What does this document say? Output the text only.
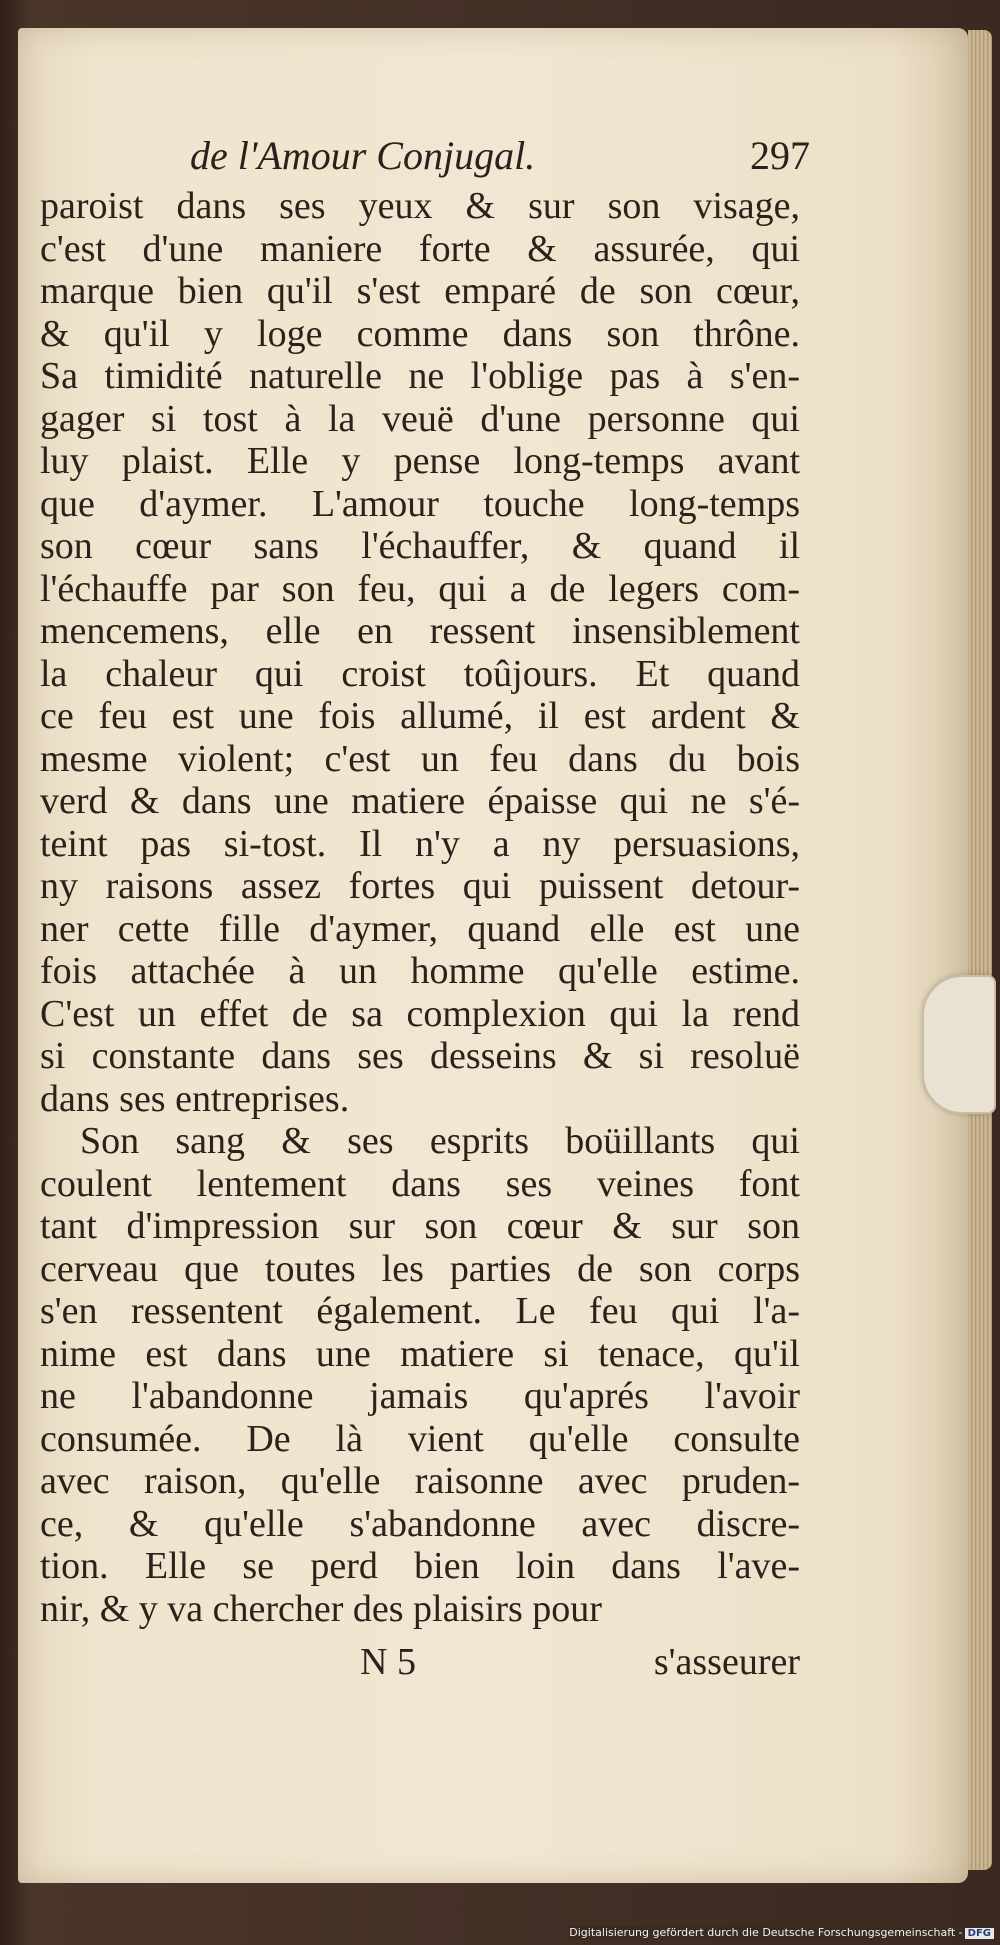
de l'Amour Conjugal.	297
paroist dans ses yeux & sur son visage,
c'est d'une maniere forte & assurée, qui
marque bien qu'il s'est emparé de son cœur,
& qu'il y loge comme dans son thrône.
Sa timidité naturelle ne l'oblige pas à s'en-
gager si tost à la veuë d'une personne qui
luy plaist. Elle y pense long-temps avant
que d'aymer. L'amour touche long-temps
son cœur sans l'échauffer, & quand il
l'échauffe par son feu, qui a de legers com-
mencemens, elle en ressent insensiblement
la chaleur qui croist toûjours. Et quand
ce feu est une fois allumé, il est ardent &
mesme violent; c'est un feu dans du bois
verd & dans une matiere épaisse qui ne s'é-
teint pas si-tost. Il n'y a ny persuasions,
ny raisons assez fortes qui puissent detour-
ner cette fille d'aymer, quand elle est une
fois attachée à un homme qu'elle estime.
C'est un effet de sa complexion qui la rend
si constante dans ses desseins & si resoluë
dans ses entreprises.
Son sang & ses esprits boüillants qui
coulent lentement dans ses veines font
tant d'impression sur son cœur & sur son
cerveau que toutes les parties de son corps
s'en ressentent également. Le feu qui l'a-
nime est dans une matiere si tenace, qu'il
ne l'abandonne jamais qu'aprés l'avoir
consumée. De là vient qu'elle consulte
avec raison, qu'elle raisonne avec pruden-
ce, & qu'elle s'abandonne avec discre-
tion. Elle se perd bien loin dans l'ave-
nir, & y va chercher des plaisirs pour
N 5	s'asseurer
Digitalisierung gefördert durch die Deutsche Forschungsgemeinschaft - DFG
